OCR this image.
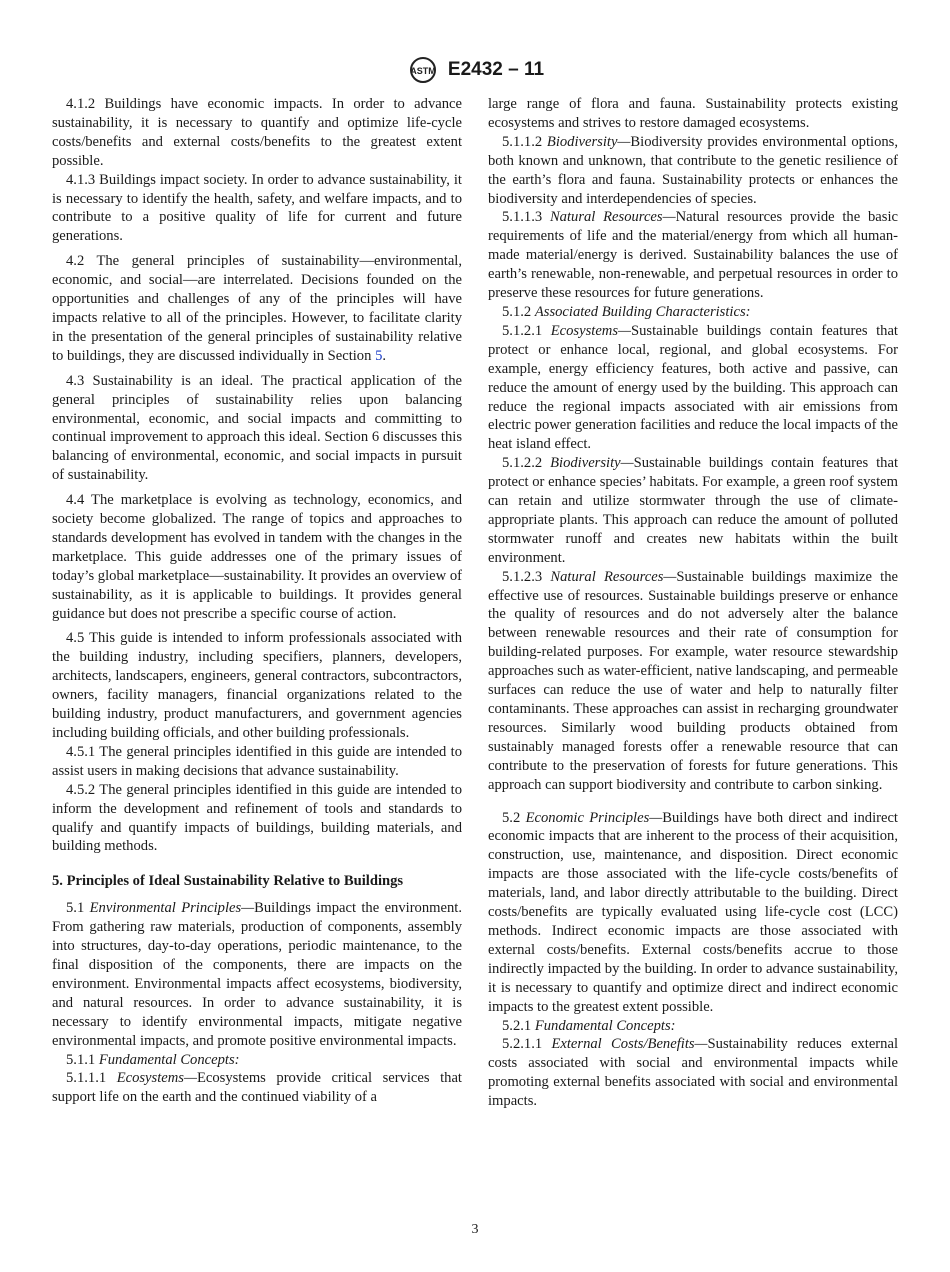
ASTM E2432 – 11

4.1.2 Buildings have economic impacts. In order to advance sustainability, it is necessary to quantify and optimize life-cycle costs/benefits and external costs/benefits to the greatest extent possible.

4.1.3 Buildings impact society. In order to advance sustainability, it is necessary to identify the health, safety, and welfare impacts, and to contribute to a positive quality of life for current and future generations.

4.2 The general principles of sustainability—environmental, economic, and social—are interrelated. Decisions founded on the opportunities and challenges of any of the principles will have impacts relative to all of the principles. However, to facilitate clarity in the presentation of the general principles of sustainability relative to buildings, they are discussed individually in Section 5.

4.3 Sustainability is an ideal. The practical application of the general principles of sustainability relies upon balancing environmental, economic, and social impacts and committing to continual improvement to approach this ideal. Section 6 discusses this balancing of environmental, economic, and social impacts in pursuit of sustainability.

4.4 The marketplace is evolving as technology, economics, and society become globalized. The range of topics and approaches to standards development has evolved in tandem with the changes in the marketplace. This guide addresses one of the primary issues of today’s global marketplace—sustainability. It provides an overview of sustainability, as it is applicable to buildings. It provides general guidance but does not prescribe a specific course of action.

4.5 This guide is intended to inform professionals associated with the building industry, including specifiers, planners, developers, architects, landscapers, engineers, general contractors, subcontractors, owners, facility managers, financial organizations related to the building industry, product manufacturers, and government agencies including building officials, and other building professionals.

4.5.1 The general principles identified in this guide are intended to assist users in making decisions that advance sustainability.

4.5.2 The general principles identified in this guide are intended to inform the development and refinement of tools and standards to qualify and quantify impacts of buildings, building materials, and building methods.

5. Principles of Ideal Sustainability Relative to Buildings

5.1 Environmental Principles—Buildings impact the environment. From gathering raw materials, production of components, assembly into structures, day-to-day operations, periodic maintenance, to the final disposition of the components, there are impacts on the environment. Environmental impacts affect ecosystems, biodiversity, and natural resources. In order to advance sustainability, it is necessary to identify environmental impacts, mitigate negative environmental impacts, and promote positive environmental impacts.

5.1.1 Fundamental Concepts:

5.1.1.1 Ecosystems—Ecosystems provide critical services that support life on the earth and the continued viability of a

large range of flora and fauna. Sustainability protects existing ecosystems and strives to restore damaged ecosystems.

5.1.1.2 Biodiversity—Biodiversity provides environmental options, both known and unknown, that contribute to the genetic resilience of the earth’s flora and fauna. Sustainability protects or enhances the biodiversity and interdependencies of species.

5.1.1.3 Natural Resources—Natural resources provide the basic requirements of life and the material/energy from which all human-made material/energy is derived. Sustainability balances the use of earth’s renewable, non-renewable, and perpetual resources in order to preserve these resources for future generations.

5.1.2 Associated Building Characteristics:

5.1.2.1 Ecosystems—Sustainable buildings contain features that protect or enhance local, regional, and global ecosystems. For example, energy efficiency features, both active and passive, can reduce the amount of energy used by the building. This approach can reduce the regional impacts associated with air emissions from electric power generation facilities and reduce the local impacts of the heat island effect.

5.1.2.2 Biodiversity—Sustainable buildings contain features that protect or enhance species’ habitats. For example, a green roof system can retain and utilize stormwater through the use of climate-appropriate plants. This approach can reduce the amount of polluted stormwater runoff and creates new habitats within the built environment.

5.1.2.3 Natural Resources—Sustainable buildings maximize the effective use of resources. Sustainable buildings preserve or enhance the quality of resources and do not adversely alter the balance between renewable resources and their rate of consumption for building-related purposes. For example, water resource stewardship approaches such as water-efficient, native landscaping, and permeable surfaces can reduce the use of water and help to naturally filter contaminants. These approaches can assist in recharging groundwater resources. Similarly wood building products obtained from sustainably managed forests offer a renewable resource that can contribute to the preservation of forests for future generations. This approach can support biodiversity and contribute to carbon sinking.

5.2 Economic Principles—Buildings have both direct and indirect economic impacts that are inherent to the process of their acquisition, construction, use, maintenance, and disposition. Direct economic impacts are those associated with the life-cycle costs/benefits of materials, land, and labor directly attributable to the building. Direct costs/benefits are typically evaluated using life-cycle cost (LCC) methods. Indirect economic impacts are those associated with external costs/benefits. External costs/benefits accrue to those indirectly impacted by the building. In order to advance sustainability, it is necessary to quantify and optimize direct and indirect economic impacts to the greatest extent possible.

5.2.1 Fundamental Concepts:

5.2.1.1 External Costs/Benefits—Sustainability reduces external costs associated with social and environmental impacts while promoting external benefits associated with social and environmental impacts.

3
